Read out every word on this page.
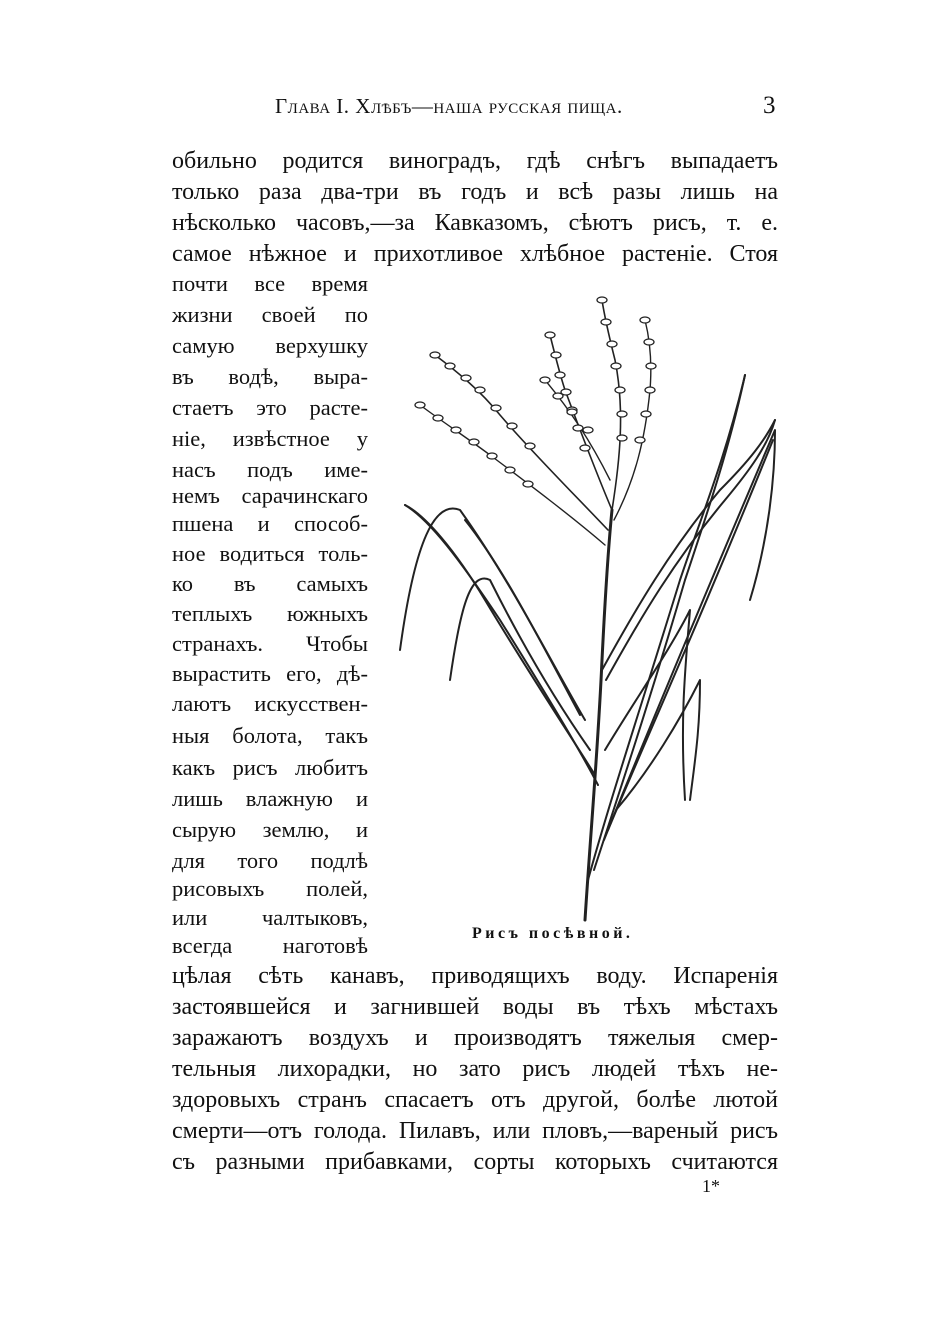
Глава I. Хлѣбъ—наша русская пища.	3
обильно родится виноградъ, гдѣ снѣгъ выпадаетъ
только раза два-три въ годъ и всѣ разы лишь на
нѣсколько часовъ,—за Кавказомъ, сѣютъ рисъ, т. е.
самое нѣжное и прихотливое хлѣбное растеніе. Стоя
почти все время
жизни своей по
самую верхушку
въ водѣ, выра-
стаетъ это расте-
ніе, извѣстное у
насъ подъ име-
немъ сарачинскаго
пшена и способ-
ное водиться толь-
ко въ самыхъ
теплыхъ южныхъ
странахъ. Чтобы
вырастить его, дѣ-
лаютъ искусствен-
ныя болота, такъ
какъ рисъ любитъ
лишь влажную и
сырую землю, и
для того подлѣ
рисовыхъ полей,
или чалтыковъ,
всегда наготовѣ	Рисъ посѣвной.
цѣлая сѣть канавъ, приводящихъ воду. Испаренія
застоявшейся и загнившей воды въ тѣхъ мѣстахъ
заражаютъ воздухъ и производятъ тяжелыя смер-
тельныя лихорадки, но зато рисъ людей тѣхъ не-
здоровыхъ странъ спасаетъ отъ другой, болѣе лютой
смерти—отъ голода. Пилавъ, или пловъ,—вареный рисъ
съ разными прибавками, сорты которыхъ считаются
1*
